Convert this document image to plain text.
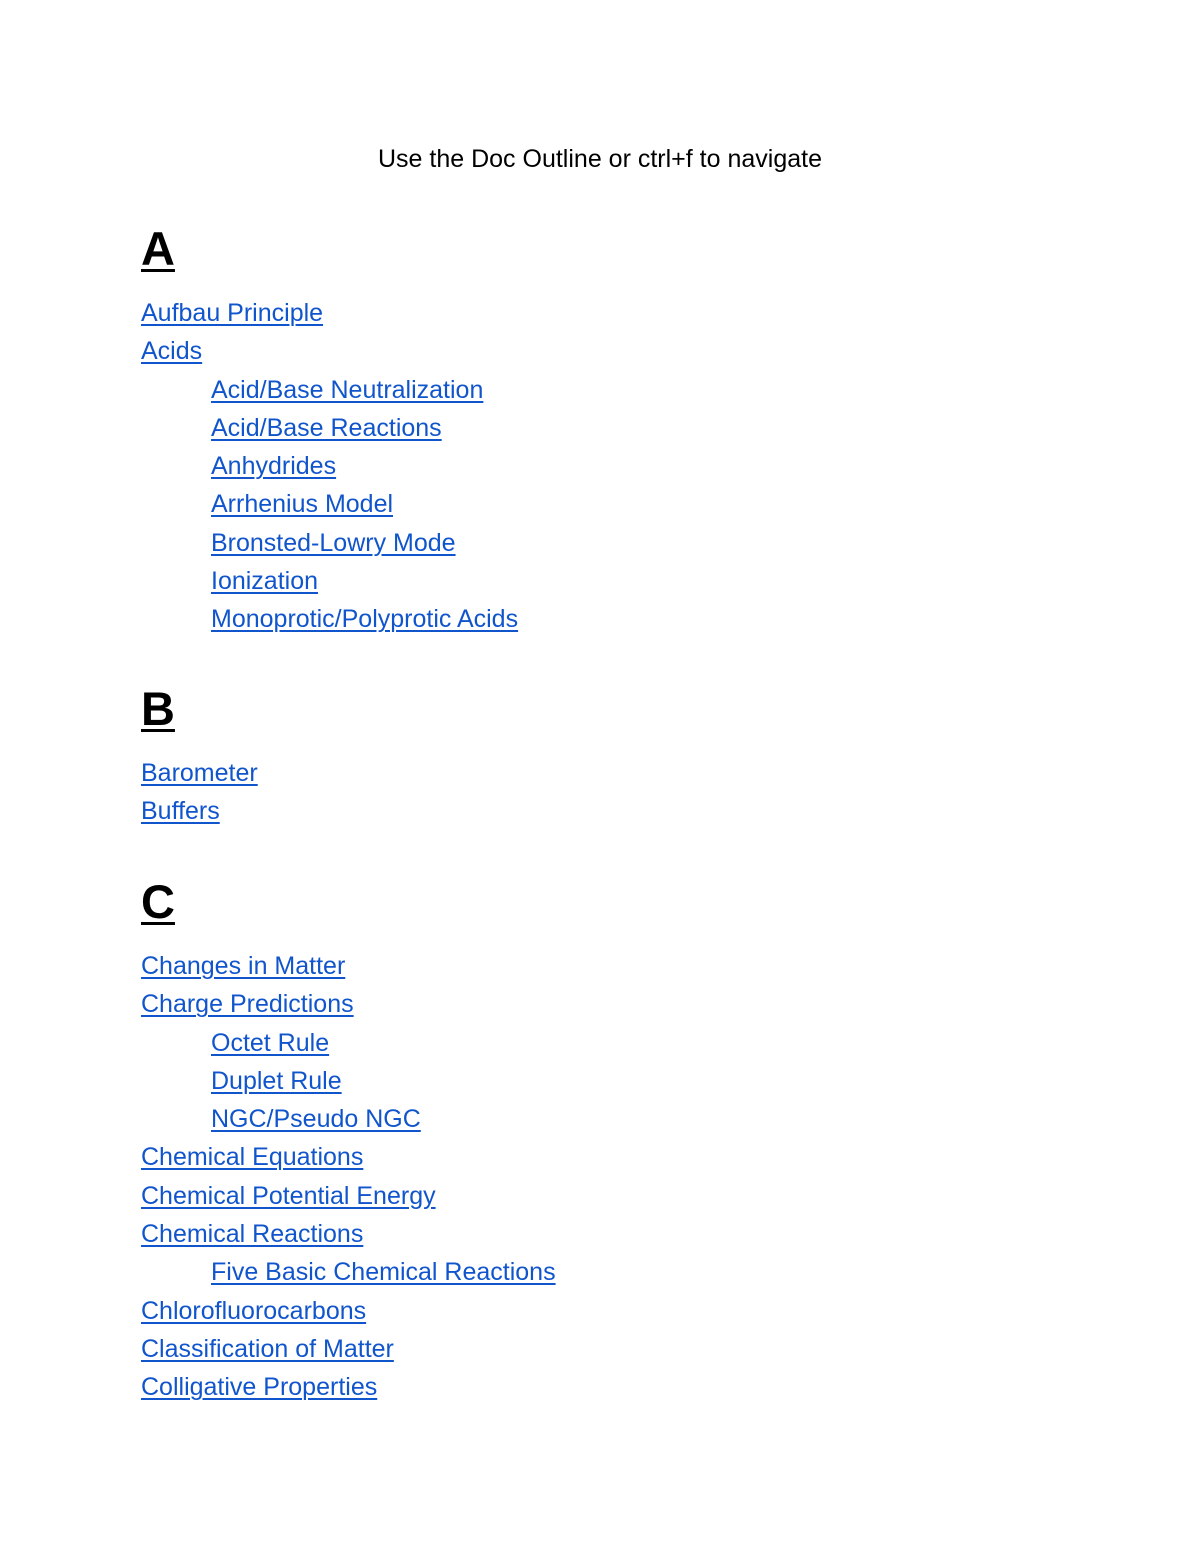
Use the Doc Outline or ctrl+f to navigate

A
Aufbau Principle
Acids
Acid/Base Neutralization
Acid/Base Reactions
Anhydrides
Arrhenius Model
Bronsted-Lowry Mode
Ionization
Monoprotic/Polyprotic Acids
B
Barometer
Buffers
C
Changes in Matter
Charge Predictions
Octet Rule
Duplet Rule
NGC/Pseudo NGC
Chemical Equations
Chemical Potential Energy
Chemical Reactions
Five Basic Chemical Reactions
Chlorofluorocarbons
Classification of Matter
Colligative Properties
